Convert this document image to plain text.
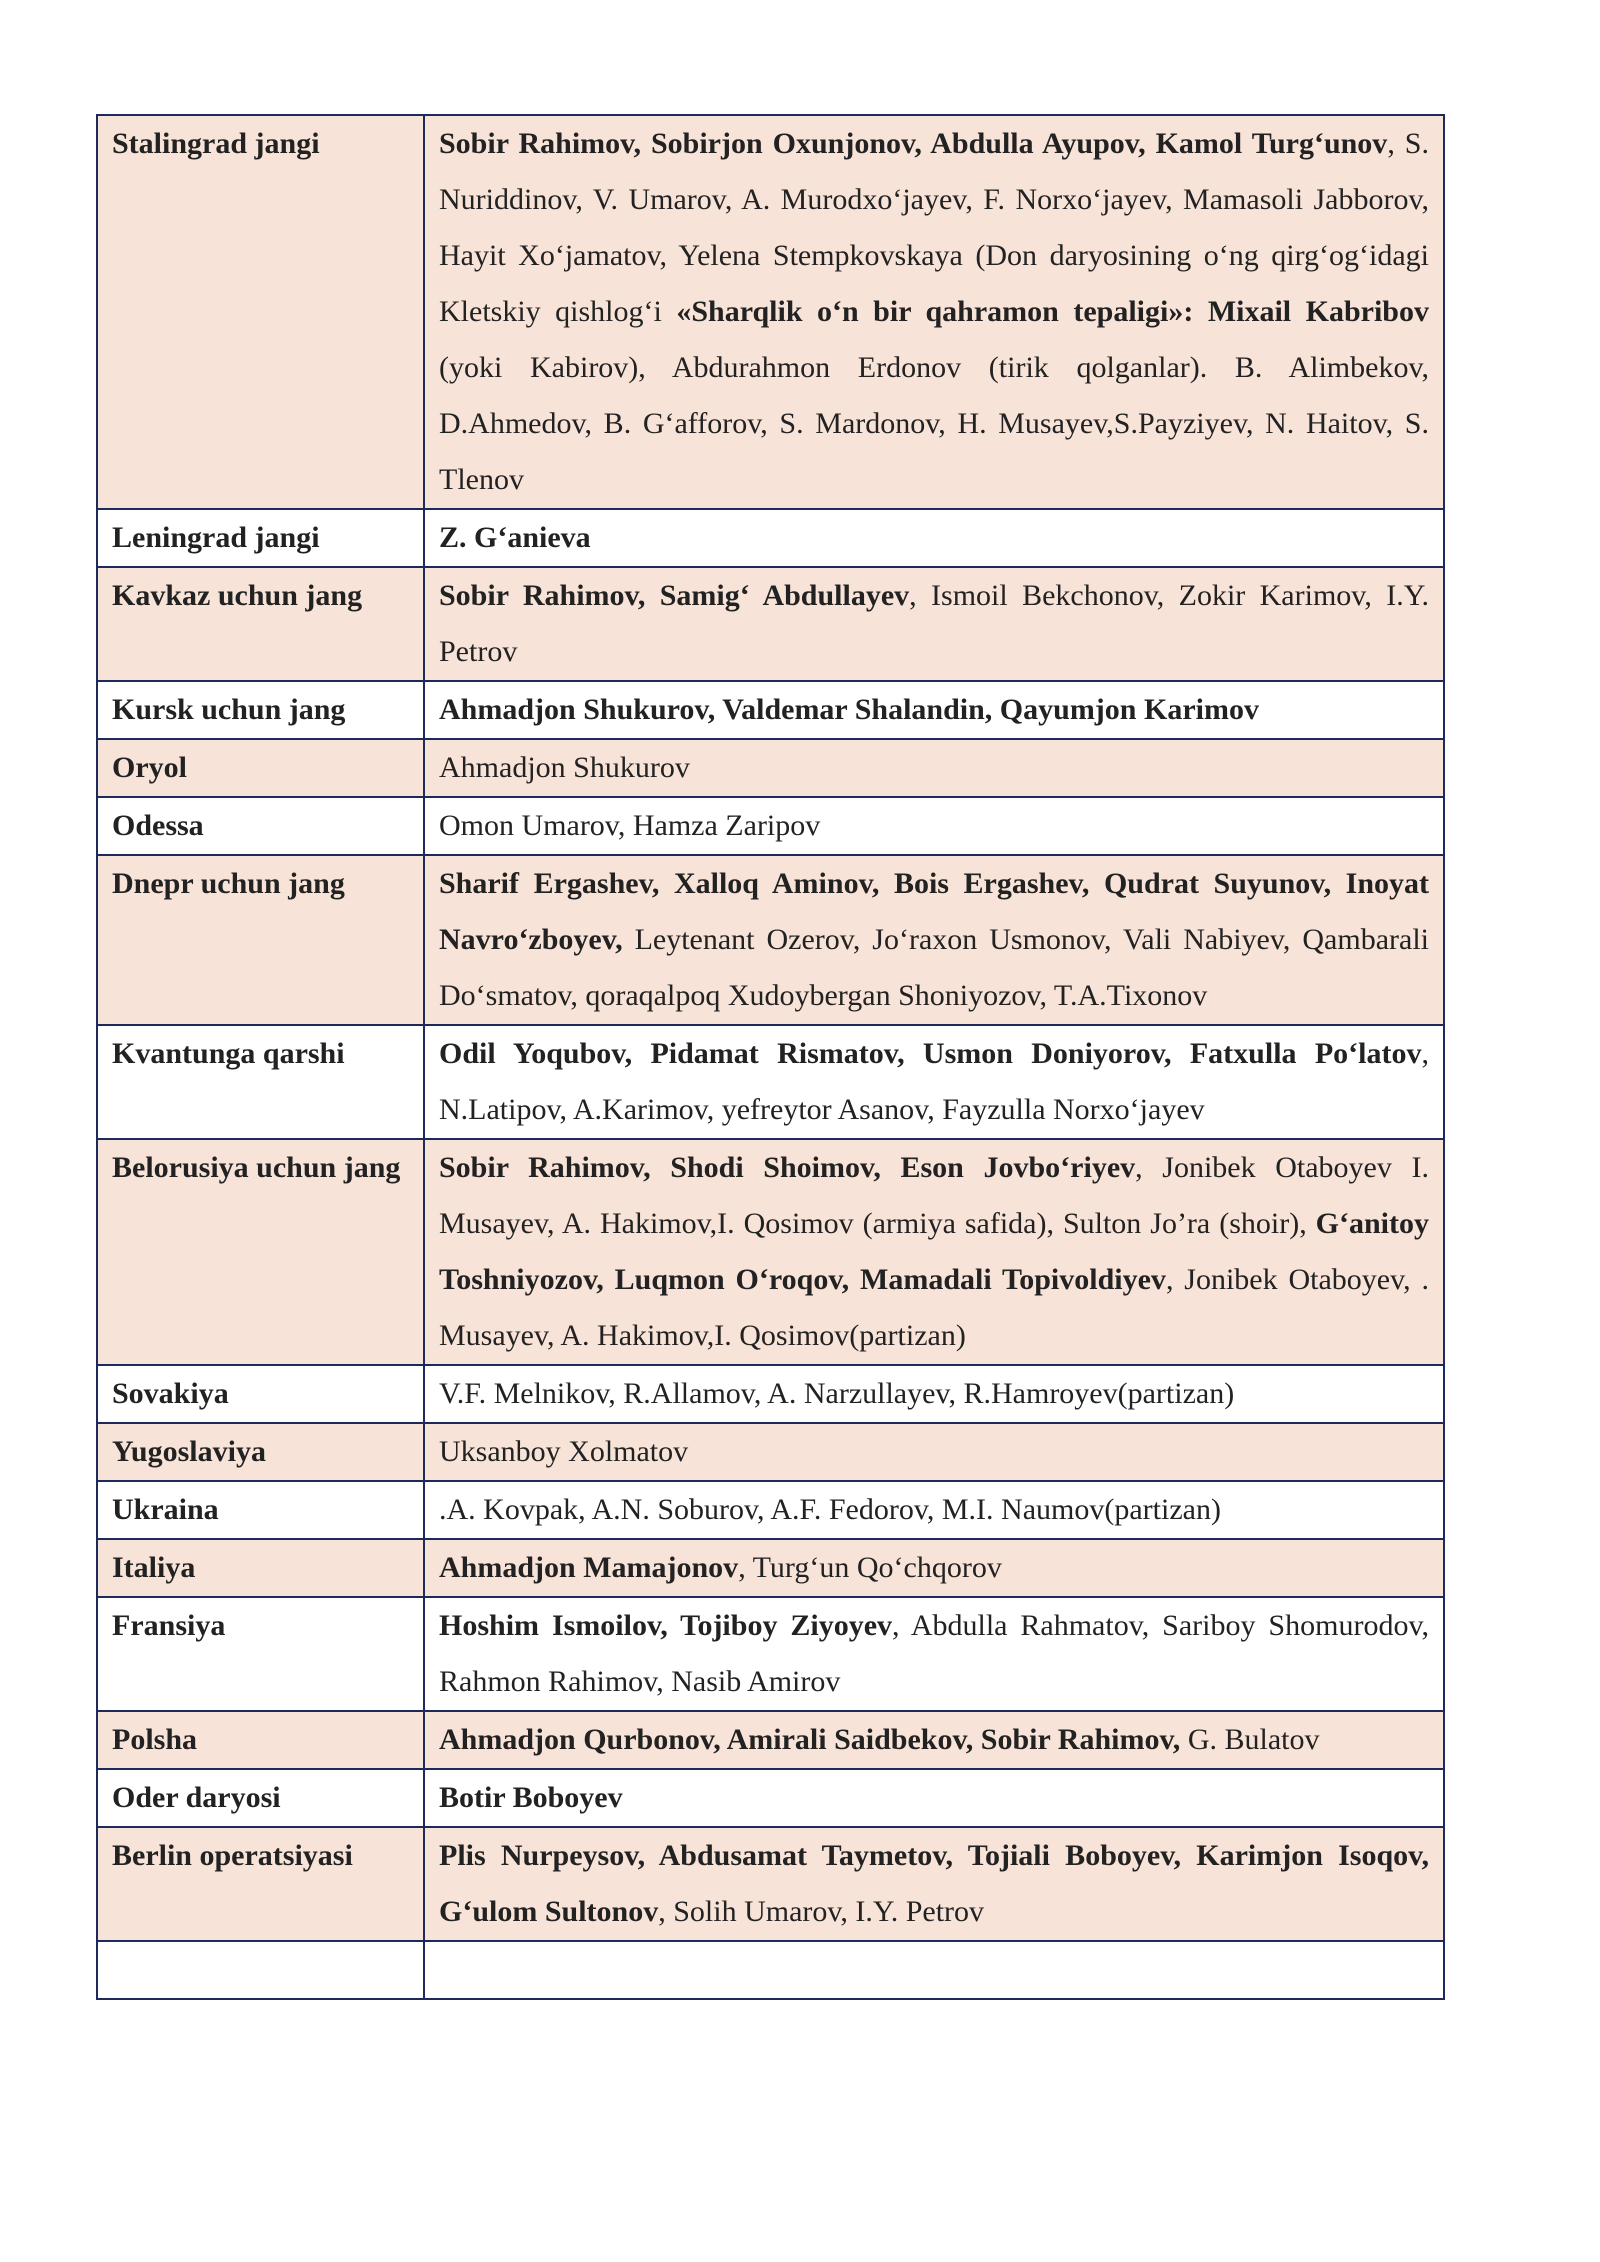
Stalingrad jangi	Sobir Rahimov, Sobirjon Oxunjonov, Abdulla Ayupov, Kamol Turg‘unov, S. Nuriddinov, V. Umarov, A. Murodxo‘jayev, F. Norxo‘jayev, Mamasoli Jabborov, Hayit Xo‘jamatov, Yelena Stempkovskaya (Don daryosining o‘ng qirg‘og‘idagi Kletskiy qishlog‘i «Sharqlik o‘n bir qahramon tepaligi»: Mixail Kabribov (yoki Kabirov), Abdurahmon Erdonov (tirik qolganlar). B. Alimbekov, D.Ahmedov, B. G‘afforov, S. Mardonov, H. Musayev,S.Payziyev, N. Haitov, S. Tlenov
Leningrad jangi	Z. G‘anieva
Kavkaz uchun jang	Sobir Rahimov, Samig‘ Abdullayev, Ismoil Bekchonov, Zokir Karimov, I.Y. Petrov
Kursk uchun jang	Ahmadjon Shukurov, Valdemar Shalandin, Qayumjon Karimov
Oryol	Ahmadjon Shukurov
Odessa	Omon Umarov, Hamza Zaripov
Dnepr uchun jang	Sharif Ergashev, Xalloq Aminov, Bois Ergashev, Qudrat Suyunov, Inoyat Navro‘zboyev, Leytenant Ozerov, Jo‘raxon Usmonov, Vali Nabiyev, Qambarali Do‘smatov, qoraqalpoq Xudoybergan Shoniyozov, T.A.Tixonov
Kvantunga qarshi	Odil Yoqubov, Pidamat Rismatov, Usmon Doniyorov, Fatxulla Po‘latov, N.Latipov, A.Karimov, yefreytor Asanov, Fayzulla Norxo‘jayev
Belorusiya uchun jang	Sobir Rahimov, Shodi Shoimov, Eson Jovbo‘riyev, Jonibek Otaboyev I. Musayev, A. Hakimov,I. Qosimov (armiya safida), Sulton Jo’ra (shoir), G‘anitoy Toshniyozov, Luqmon O‘roqov, Mamadali Topivoldiyev, Jonibek Otaboyev, . Musayev, A. Hakimov,I. Qosimov(partizan)
Sovakiya	V.F. Melnikov, R.Allamov, A. Narzullayev, R.Hamroyev(partizan)
Yugoslaviya	Uksanboy Xolmatov
Ukraina	.A. Kovpak, A.N. Soburov, A.F. Fedorov, M.I. Naumov(partizan)
Italiya	Ahmadjon Mamajonov, Turg‘un Qo‘chqorov
Fransiya	Hoshim Ismoilov, Tojiboy Ziyoyev, Abdulla Rahmatov, Sariboy Shomurodov, Rahmon Rahimov, Nasib Amirov
Polsha	Ahmadjon Qurbonov, Amirali Saidbekov, Sobir Rahimov, G. Bulatov
Oder daryosi	Botir Boboyev
Berlin operatsiyasi	Plis Nurpeysov, Abdusamat Taymetov, Tojiali Boboyev, Karimjon Isoqov, G‘ulom Sultonov, Solih Umarov, I.Y. Petrov
